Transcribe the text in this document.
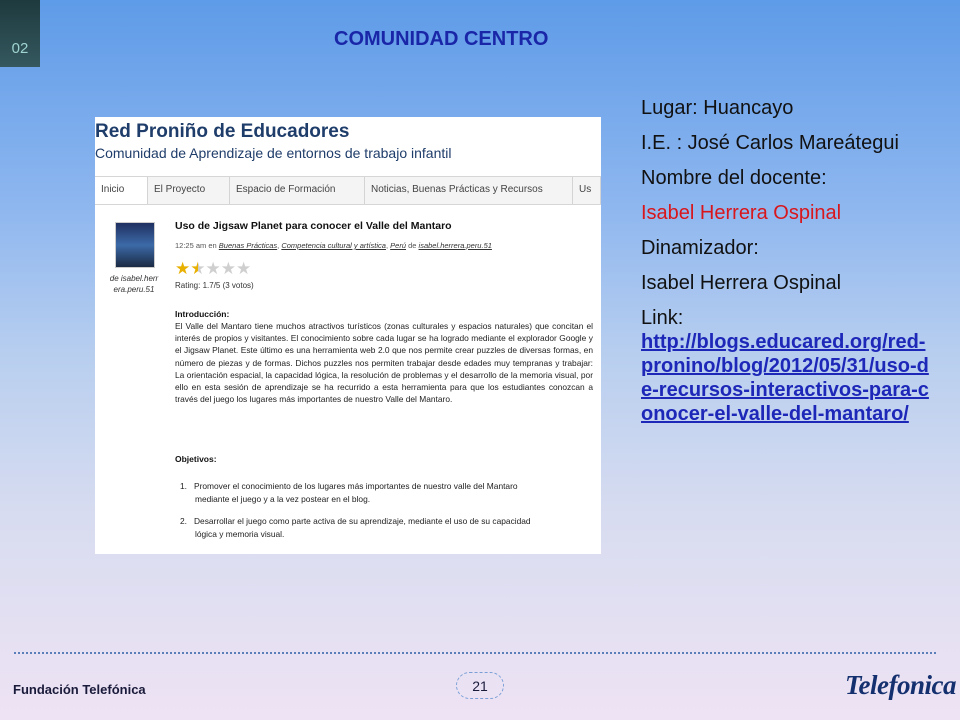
02	COMUNIDAD CENTRO
Red Proniño de Educadores
Comunidad de Aprendizaje de entornos de trabajo infantil
Inicio	El Proyecto	Espacio de Formación	Noticias, Buenas Prácticas y Recursos	Us
de isabel.herrera.peru.51
Uso de Jigsaw Planet para conocer el Valle del Mantaro
12:25 am en Buenas Prácticas, Competencia cultural y artística, Perú de isabel.herrera.peru.51
★★★★★
Rating: 1.7/5 (3 votos)
Introducción:
El Valle del Mantaro tiene muchos atractivos turísticos (zonas culturales y espacios naturales) que concitan el interés de propios y visitantes. El conocimiento sobre cada lugar se ha logrado mediante el explorador Google y el Jigsaw Planet. Este último es una herramienta web 2.0 que nos permite crear puzzles de diversas formas, en número de piezas y de formas. Dichos puzzles nos permiten trabajar desde edades muy tempranas y trabajar: La orientación espacial, la capacidad lógica, la resolución de problemas y el desarrollo de la memoria visual, por ello en esta sesión de aprendizaje se ha recurrido a esta herramienta para que los estudiantes conozcan a través del juego los lugares más importantes de nuestro Valle del Mantaro.
Objetivos:
1. Promover el conocimiento de los lugares más importantes de nuestro valle del Mantaro
mediante el juego y a la vez postear en el blog.
2. Desarrollar el juego como parte activa de su aprendizaje, mediante el uso de su capacidad
lógica y memoria visual.

Lugar: Huancayo

I.E. : José Carlos Mareátegui

Nombre del docente:

Isabel Herrera Ospinal

Dinamizador:

Isabel Herrera Ospinal

Link:
http://blogs.educared.org/red-pronino/blog/2012/05/31/uso-de-recursos-interactivos-para-conocer-el-valle-del-mantaro/
Fundación Telefónica	21	Telefonica
